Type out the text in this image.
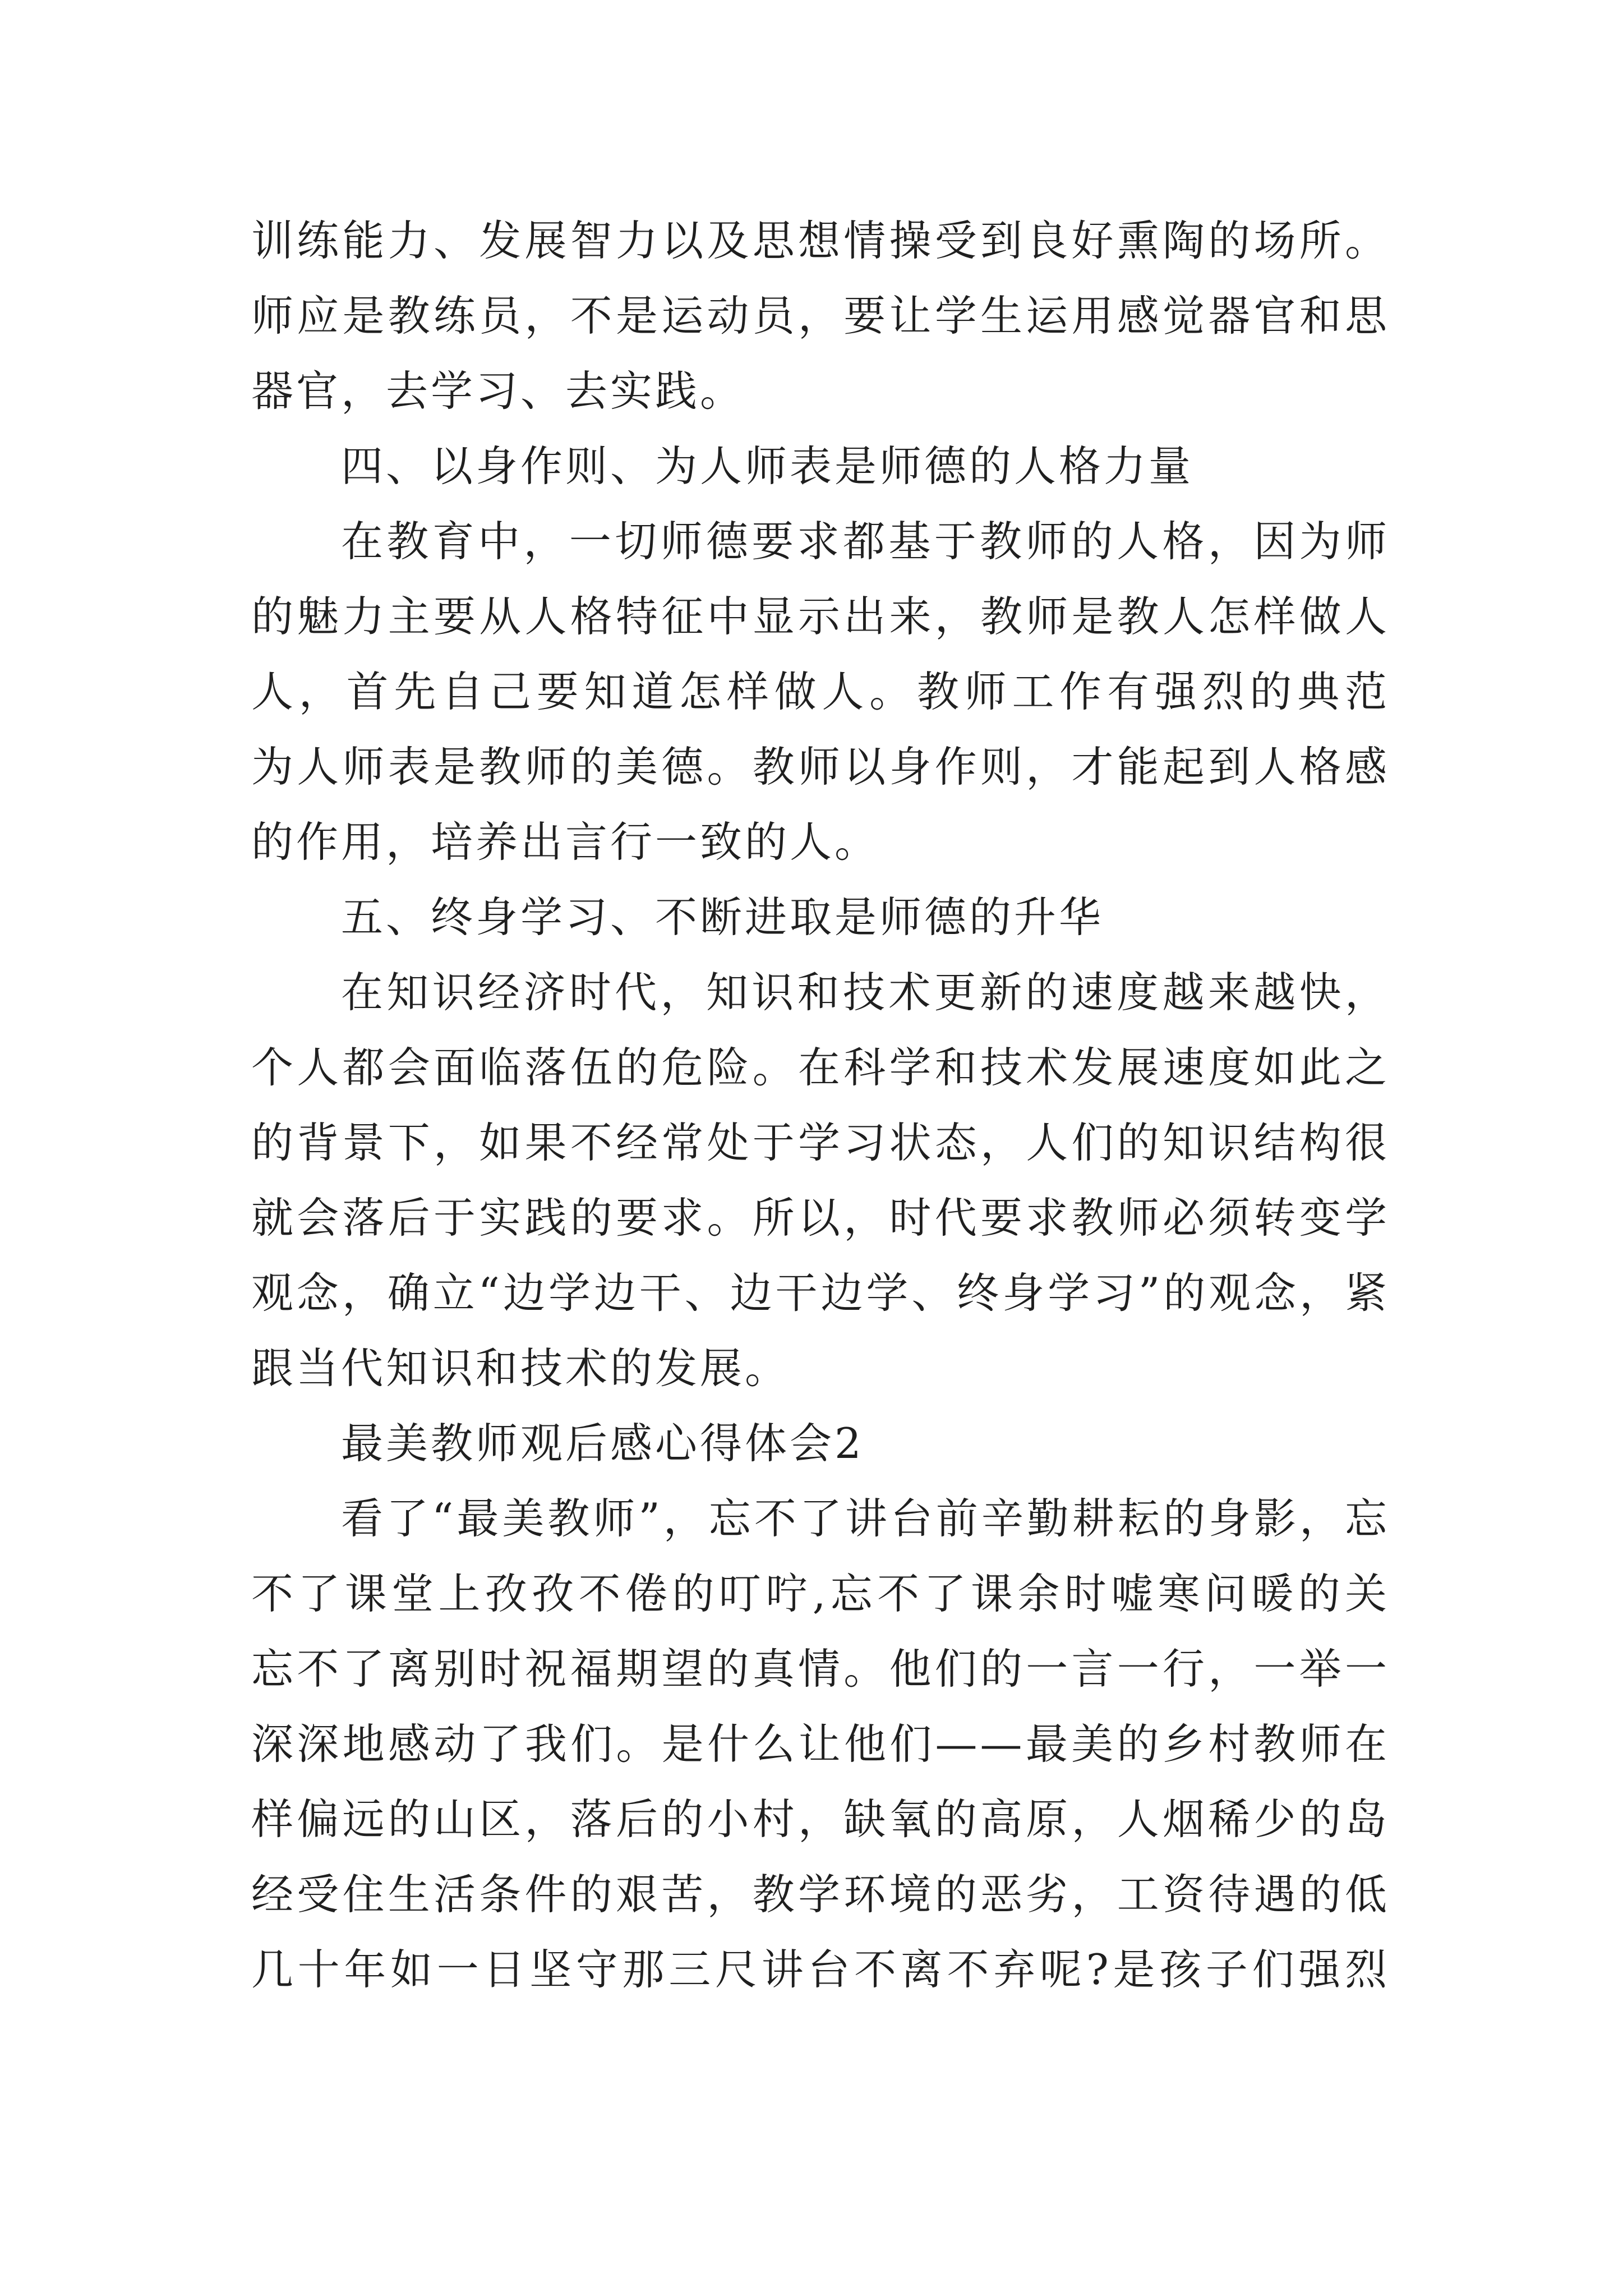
训练能力、发展智力以及思想情操受到良好熏陶的场所。
师应是教练员，不是运动员，要让学生运用感觉器官和思
器官，去学习、去实践。
四、以身作则、为人师表是师德的人格力量
在教育中，一切师德要求都基于教师的人格，因为师
的魅力主要从人格特征中显示出来，教师是教人怎样做人
人，首先自己要知道怎样做人。教师工作有强烈的典范
为人师表是教师的美德。教师以身作则，才能起到人格感
的作用，培养出言行一致的人。
五、终身学习、不断进取是师德的升华
在知识经济时代，知识和技术更新的速度越来越快，
个人都会面临落伍的危险。在科学和技术发展速度如此之
的背景下，如果不经常处于学习状态，人们的知识结构很
就会落后于实践的要求。所以，时代要求教师必须转变学
观念，确立“边学边干、边干边学、终身学习”的观念，紧
跟当代知识和技术的发展。
最美教师观后感心得体会2
看了“最美教师”，忘不了讲台前辛勤耕耘的身影，忘
不了课堂上孜孜不倦的叮咛,忘不了课余时嘘寒问暖的关
忘不了离别时祝福期望的真情。他们的一言一行，一举一
深深地感动了我们。是什么让他们——最美的乡村教师在
样偏远的山区，落后的小村，缺氧的高原，人烟稀少的岛
经受住生活条件的艰苦，教学环境的恶劣，工资待遇的低
几十年如一日坚守那三尺讲台不离不弃呢?是孩子们强烈
